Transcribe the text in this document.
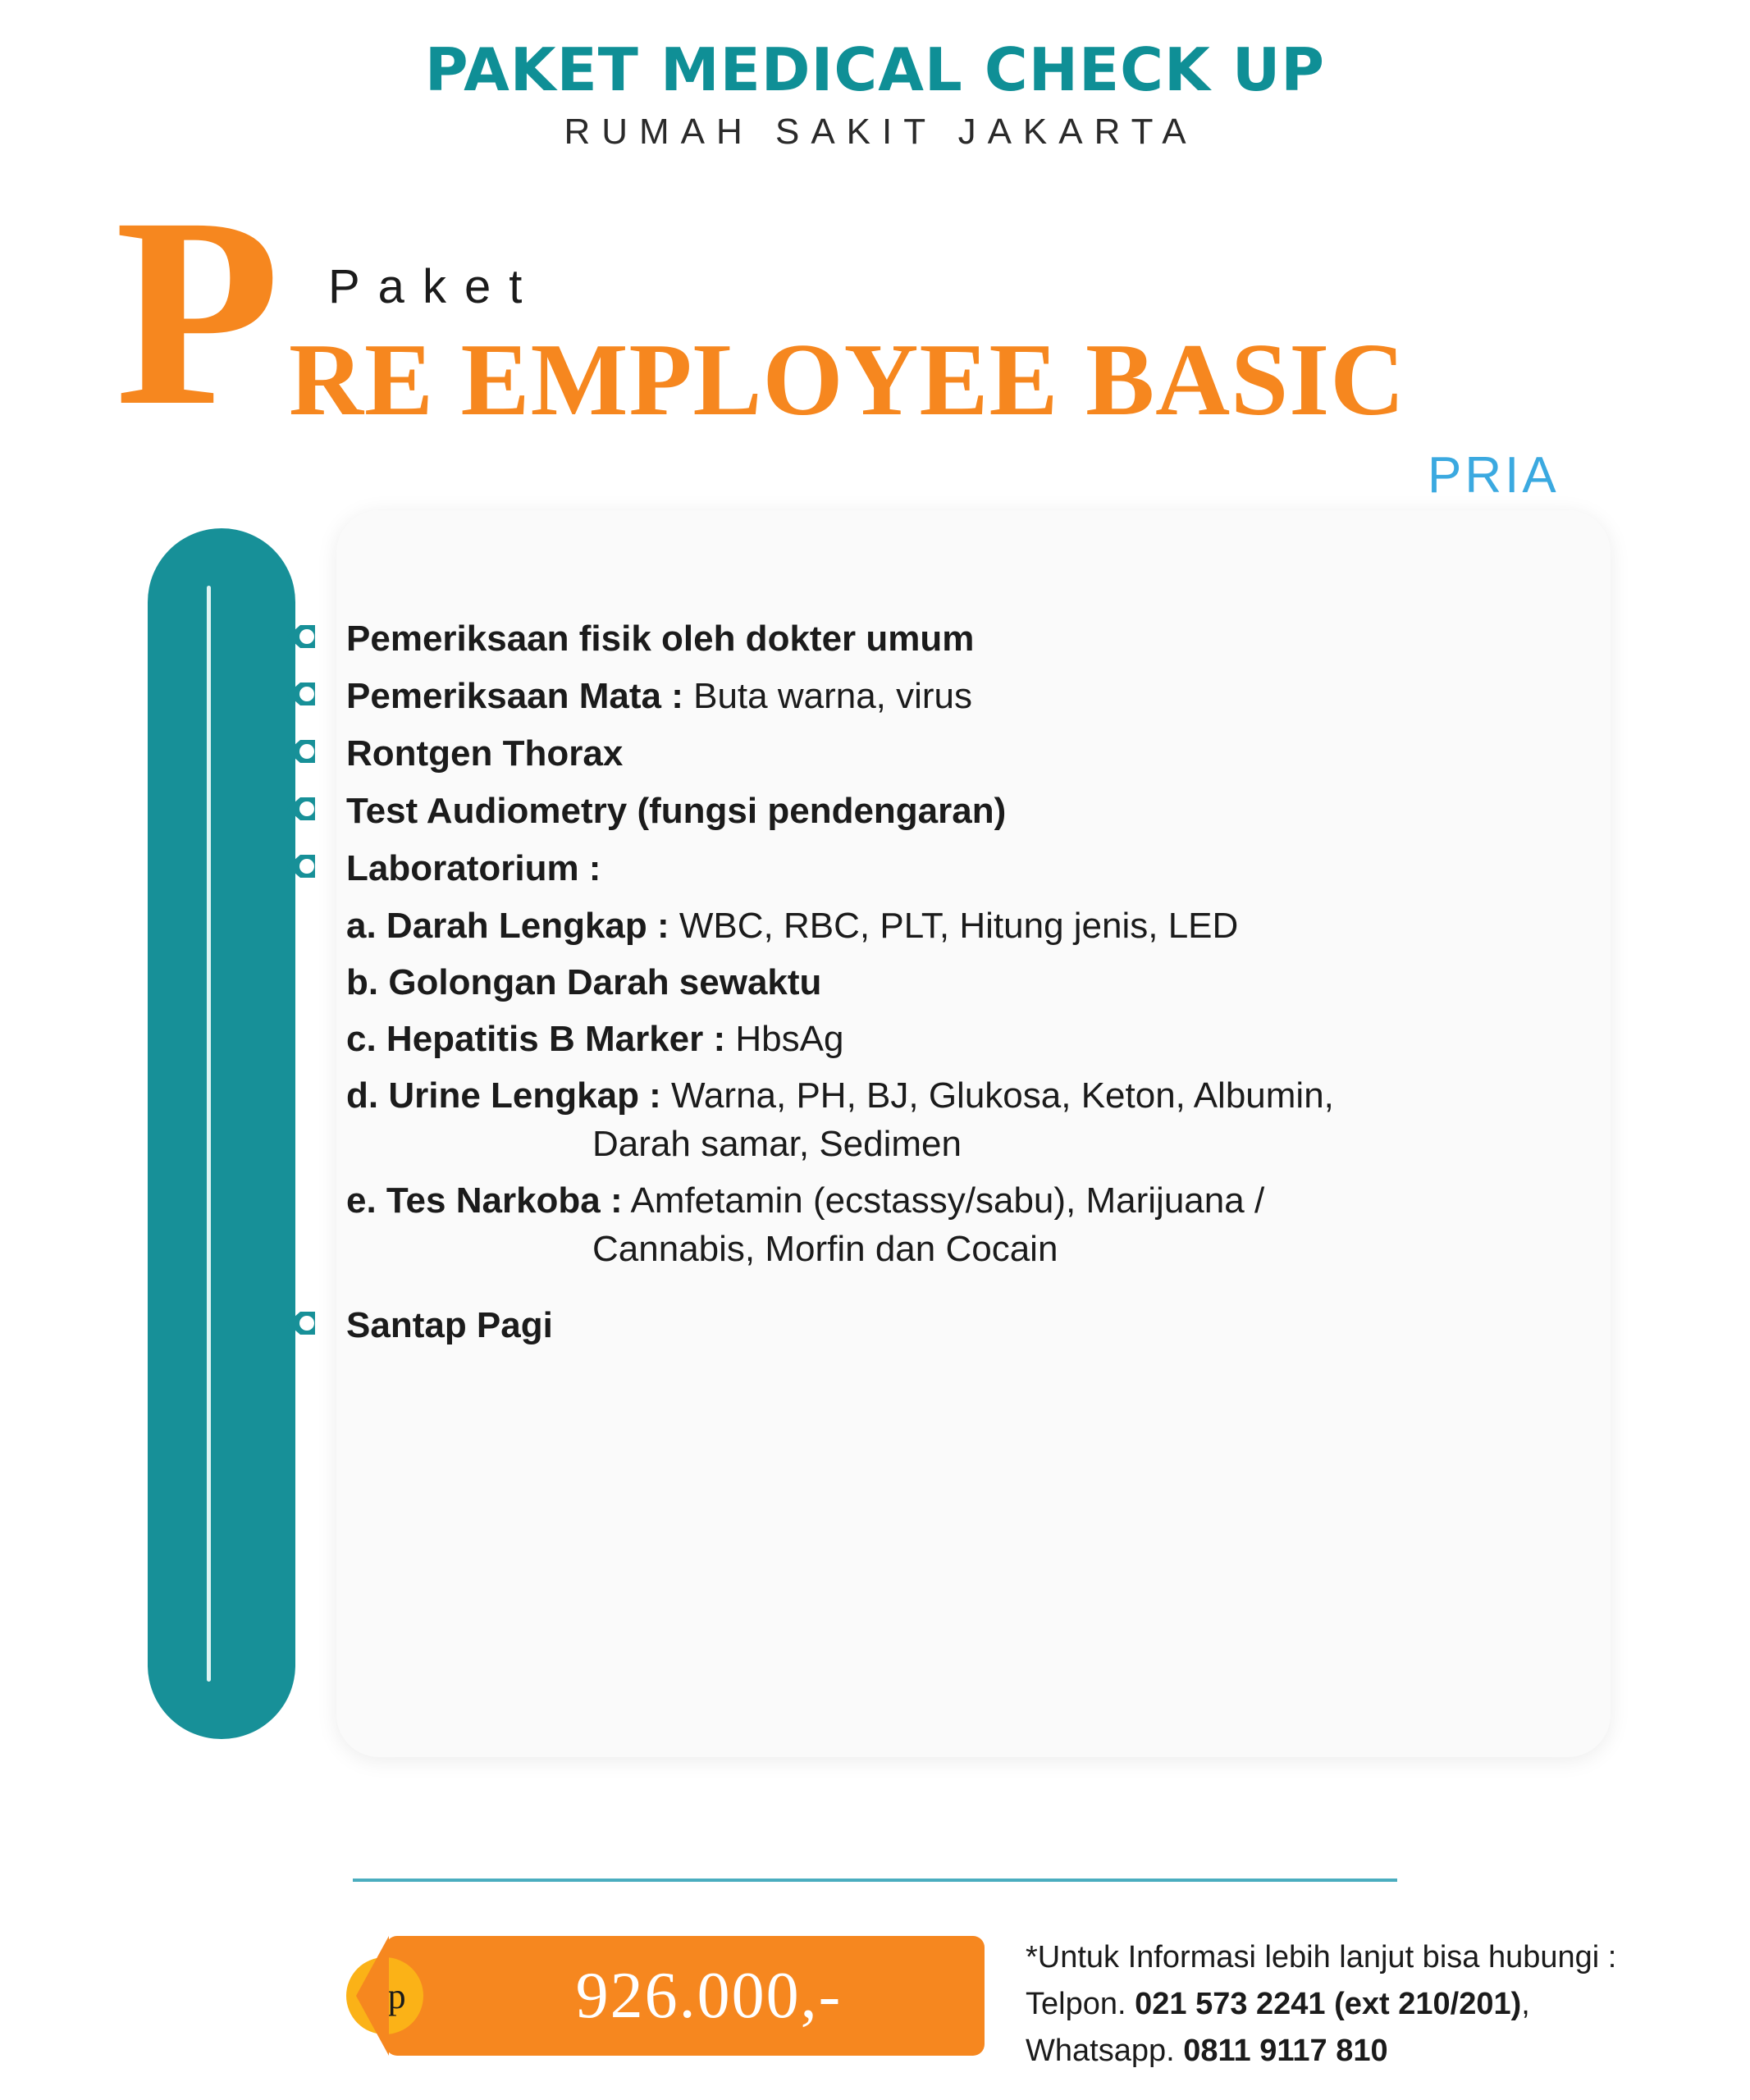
PAKET MEDICAL CHECK UP
RUMAH SAKIT JAKARTA
P Paket
RE EMPLOYEE BASIC
PRIA
Pemeriksaan fisik oleh dokter umum
Pemeriksaan Mata : Buta warna, virus
Rontgen Thorax
Test Audiometry (fungsi pendengaran)
Laboratorium :
a. Darah Lengkap : WBC, RBC, PLT, Hitung jenis, LED
b. Golongan Darah sewaktu
c. Hepatitis B Marker : HbsAg
d. Urine Lengkap : Warna, PH, BJ, Glukosa, Keton, Albumin,
Darah samar, Sedimen
e. Tes Narkoba : Amfetamin (ecstassy/sabu), Marijuana /
Cannabis, Morfin dan Cocain
Santap Pagi
Rp	926.000,-
*Untuk Informasi lebih lanjut bisa hubungi :
Telpon. 021 573 2241 (ext 210/201),
Whatsapp. 0811 9117 810
